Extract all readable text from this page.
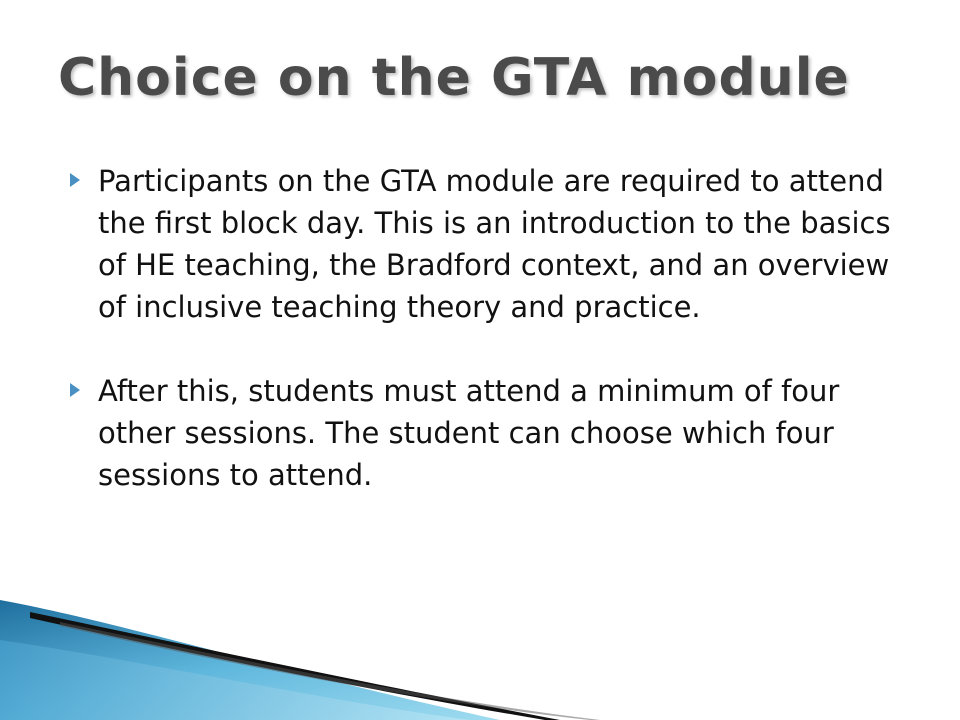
Choice on the GTA module
Participants on the GTA module are required to attend the first block day. This is an introduction to the basics of HE teaching, the Bradford context, and an overview of inclusive teaching theory and practice.
After this, students must attend a minimum of four other sessions. The student can choose which four sessions to attend.
